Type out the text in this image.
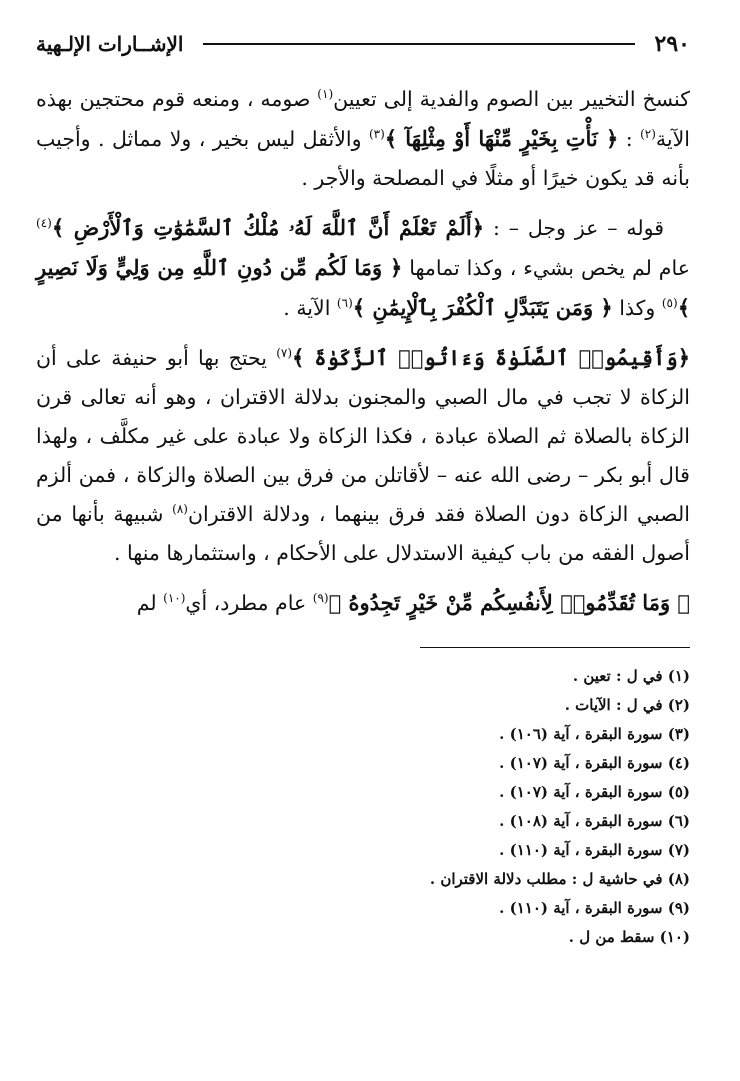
٢٩٠
الإشــارات الإلـهية

كنسخ التخيير بين الصوم والفدية إلى تعيين$^{(١)}$ صومه ، ومنعه قوم محتجين بهذه الآية$^{(٢)}$ : ﴿ نَأْتِ بِخَيْرٍ مِّنْهَا أَوْ مِثْلِهَآ ﴾$^{(٣)}$ والأثقل ليس بخير ، ولا مماثل . وأجيب بأنه قد يكون خيرًا أو مثلًا في المصلحة والأجر .

قوله – عز وجل – : ﴿أَلَمْ تَعْلَمْ أَنَّ ٱللَّهَ لَهُۥ مُلْكُ ٱلسَّمَٰوَٰتِ وَٱلْأَرْضِ ﴾$^{(٤)}$ عام لم يخص بشيء ، وكذا تمامها ﴿ وَمَا لَكُم مِّن دُونِ ٱللَّهِ مِن وَلِيٍّ وَلَا نَصِيرٍ ﴾$^{(٥)}$ وكذا ﴿ وَمَن يَتَبَدَّلِ ٱلْكُفْرَ بِٱلْإِيمَٰنِ ﴾$^{(٦)}$ الآية .

﴿وَأَقِيمُوا۟ ٱلصَّلَوٰةَ وَءَاتُوا۟ ٱلزَّكَوٰةَ ﴾$^{(٧)}$ يحتج بها أبو حنيفة على أن الزكاة لا تجب في مال الصبي والمجنون بدلالة الاقتران ، وهو أنه تعالى قرن الزكاة بالصلاة ثم الصلاة عبادة ، فكذا الزكاة ولا عبادة على غير مكلَّف ، ولهذا قال أبو بكر – رضى الله عنه – لأقاتلن من فرق بين الصلاة والزكاة ، فمن ألزم الصبي الزكاة دون الصلاة فقد فرق بينهما ، ودلالة الاقتران$^{(٨)}$ شبيهة بأنها من أصول الفقه من باب كيفية الاستدلال على الأحكام ، واستثمارها منها .

﴿ وَمَا تُقَدِّمُوا۟ لِأَنفُسِكُم مِّنْ خَيْرٍ تَجِدُوهُ ﴾$^{(٩)}$ عام مطرد، أي$^{(١٠)}$ لم

(١) في ل : تعين .
(٢) في ل : الآيات .
(٣) سورة البقرة ، آية (١٠٦) .
(٤) سورة البقرة ، آية (١٠٧) .
(٥) سورة البقرة ، آية (١٠٧) .
(٦) سورة البقرة ، آية (١٠٨) .
(٧) سورة البقرة ، آية (١١٠) .
(٨) في حاشية ل : مطلب دلالة الاقتران .
(٩) سورة البقرة ، آية (١١٠) .
(١٠) سقط من ل .
